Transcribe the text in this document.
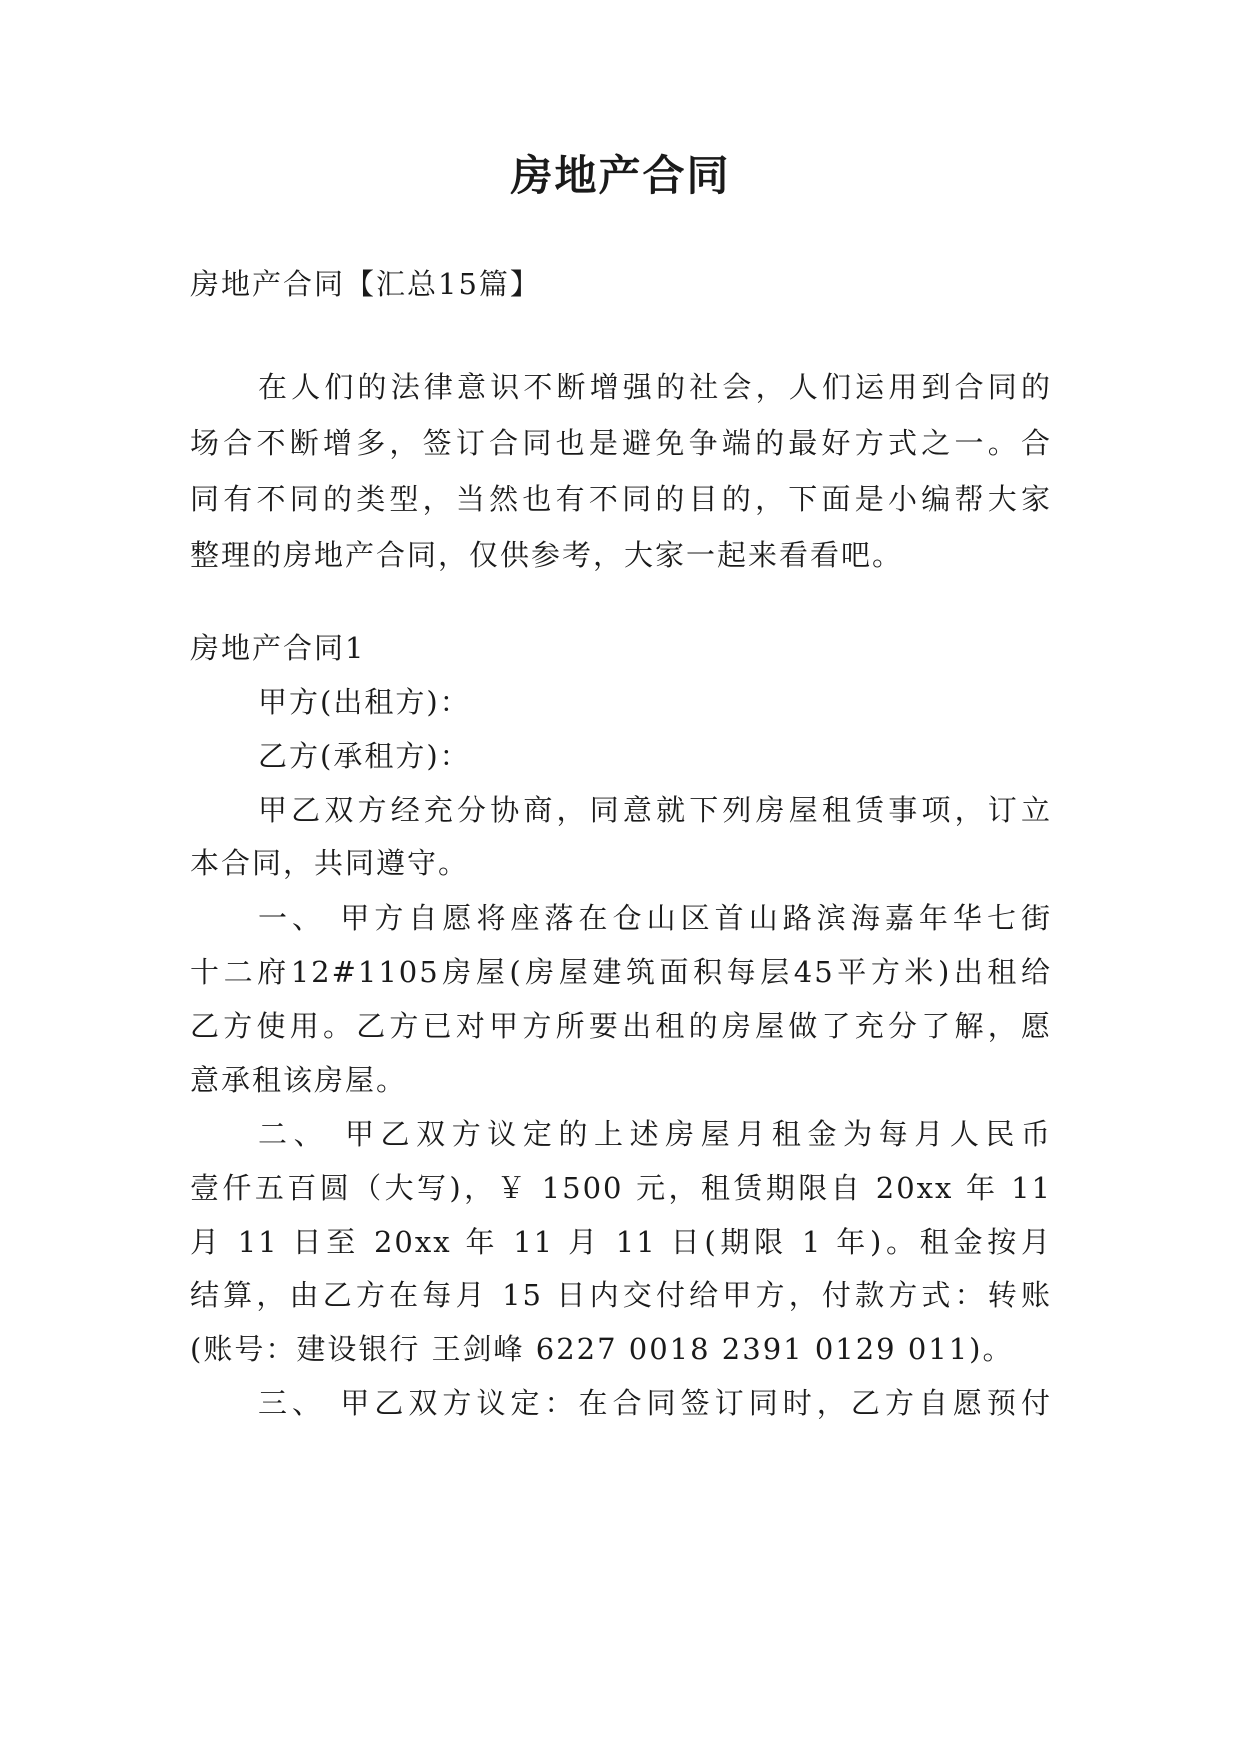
房地产合同
房地产合同【汇总15篇】
在人们的法律意识不断增强的社会，人们运用到合同的
场合不断增多，签订合同也是避免争端的最好方式之一。合
同有不同的类型，当然也有不同的目的，下面是小编帮大家
整理的房地产合同，仅供参考，大家一起来看看吧。
房地产合同1
甲方(出租方)：
乙方(承租方)：
甲乙双方经充分协商，同意就下列房屋租赁事项，订立
本合同，共同遵守。
一、 甲方自愿将座落在仓山区首山路滨海嘉年华七街
十二府12#1105房屋(房屋建筑面积每层45平方米)出租给
乙方使用。乙方已对甲方所要出租的房屋做了充分了解，愿
意承租该房屋。
二、 甲乙双方议定的上述房屋月租金为每月人民币
壹仟五百圆（大写)，￥ 1500 元，租赁期限自 20xx 年 11
月 11 日至 20xx 年 11 月 11 日(期限 1 年)。租金按月
结算，由乙方在每月 15 日内交付给甲方，付款方式：转账
(账号：建设银行 王剑峰 6227 0018 2391 0129 011)。
三、 甲乙双方议定：在合同签订同时，乙方自愿预付
